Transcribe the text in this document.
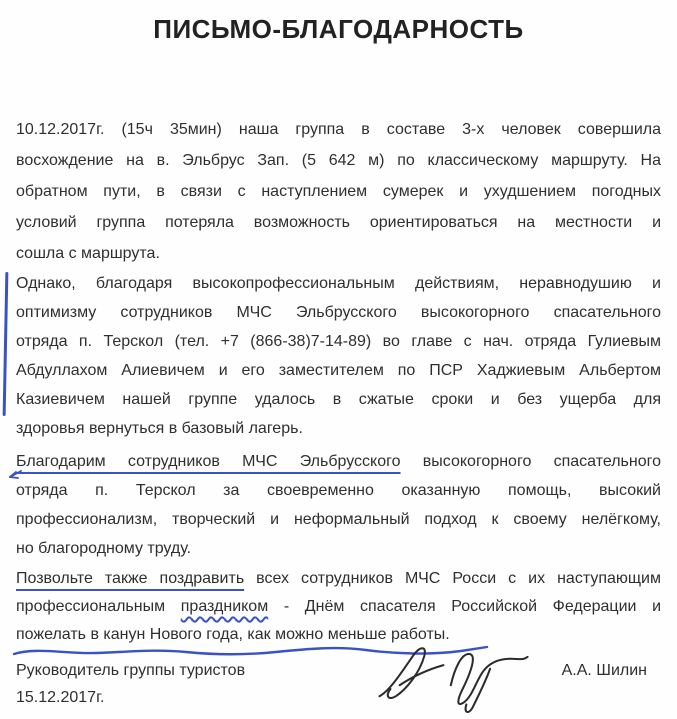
ПИСЬМО-БЛАГОДАРНОСТЬ
10.12.2017г. (15ч 35мин) наша группа в составе 3-х человек совершила
восхождение на в. Эльбрус Зап. (5 642 м) по классическому маршруту. На
обратном пути, в связи с наступлением сумерек и ухудшением погодных
условий группа потеряла возможность ориентироваться на местности и
сошла с маршрута.
Однако, благодаря высокопрофессиональным действиям, неравнодушию и
оптимизму сотрудников МЧС Эльбрусского высокогорного спасательного
отряда п. Терскол (тел. +7 (866-38)7-14-89) во главе с нач. отряда Гулиевым
Абдуллахом Алиевичем и его заместителем по ПСР Хаджиевым Альбертом
Казиевичем нашей группе удалось в сжатые сроки и без ущерба для
здоровья вернуться в базовый лагерь.
Благодарим сотрудников МЧС Эльбрусского высокогорного спасательного
отряда п. Терскол за своевременно оказанную помощь, высокий
профессионализм, творческий и неформальный подход к своему нелёгкому,
но благородному труду.
Позвольте также поздравить всех сотрудников МЧС Росси с их наступающим
профессиональным праздником - Днём спасателя Российской Федерации и
пожелать в канун Нового года, как можно меньше работы.
Руководитель группы туристов
15.12.2017г.
А.А. Шилин
